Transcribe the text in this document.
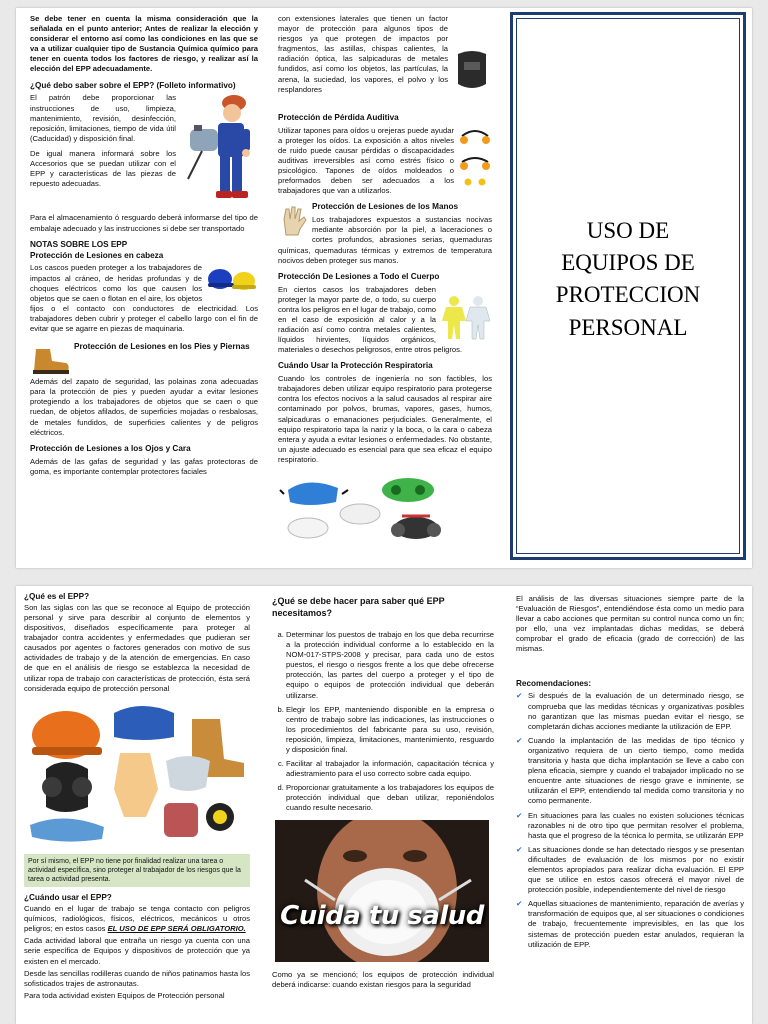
Se debe tener en cuenta la misma consideración que la señalada en el punto anterior; Antes de realizar la elección y considerar el entorno así como las condiciones en las que se va a utilizar cualquier tipo de Sustancia Química químico para tener en cuenta todos los factores de riesgo, y realizar así la elección del EPP adecuadamente.

¿Qué debo saber sobre el EPP? (Folleto informativo)

El patrón debe proporcionar las instrucciones de uso, limpieza, mantenimiento, revisión, desinfección, reposición, limitaciones, tiempo de vida útil (Caducidad) y disposición final.

De igual manera informará sobre los Accesorios que se puedan utilizar con el EPP y características de las piezas de repuesto adecuadas.

Para el almacenamiento ó resguardo deberá informarse del tipo de embalaje adecuado y las instrucciones si debe ser transportado

NOTAS SOBRE LOS EPP
Protección de Lesiones en cabeza

Los cascos pueden proteger a los trabajadores de impactos al cráneo, de heridas profundas y de choques eléctricos como los que causen los objetos que se caen o flotan en el aire, los objetos fijos o el contacto con conductores de electricidad. Los trabajadores deben cubrir y proteger el cabello largo con el fin de evitar que se agarre en piezas de maquinaria.

Protección de Lesiones en los Pies y Piernas

Además del zapato de seguridad, las polainas zona adecuadas para la protección de pies y pueden ayudar a evitar lesiones protegiendo a los trabajadores de objetos que se caen o que ruedan, de objetos afilados, de superficies mojadas o resbalosas, de metales fundidos, de superficies calientes y de peligros eléctricos.

Protección de Lesiones a los Ojos y Cara

Además de las gafas de seguridad y las gafas protectoras de goma, es importante contemplar protectores faciales

con extensiones laterales que tienen un factor mayor de protección para algunos tipos de riesgos ya que protegen de impactos por fragmentos, las astillas, chispas calientes, la radiación óptica, las salpicaduras de metales fundidos, así como los objetos, las partículas, la arena, la suciedad, los vapores, el polvo y los resplandores

Protección de Pérdida Auditiva

Utilizar tapones para oídos u orejeras puede ayudar a proteger los oídos. La exposición a altos niveles de ruido puede causar pérdidas o discapacidades auditivas irreversibles así como estrés físico o psicológico. Tapones de oídos moldeados o preformados deben ser adecuados a los trabajadores que van a utilizarlos.

Protección de Lesiones de los Manos

Los trabajadores expuestos a sustancias nocivas mediante absorción por la piel, a laceraciones o cortes profundos, abrasiones serias, quemaduras químicas, quemaduras térmicas y extremos de temperatura nocivos deben proteger sus manos.

Protección De Lesiones a Todo el Cuerpo

En ciertos casos los trabajadores deben proteger la mayor parte de, o todo, su cuerpo contra los peligros en el lugar de trabajo, como en el caso de exposición al calor y a la radiación así como contra metales calientes, líquidos hirvientes, líquidos orgánicos, materiales o desechos peligrosos, entre otros peligros.

Cuándo Usar la Protección Respiratoria

Cuando los controles de ingeniería no son factibles, los trabajadores deben utilizar equipo respiratorio para protegerse contra los efectos nocivos a la salud causados al respirar aire contaminado por polvos, brumas, vapores, gases, humos, salpicaduras o emanaciones perjudiciales. Generalmente, el equipo respiratorio tapa la nariz y la boca, o la cara o cabeza entera y ayuda a evitar lesiones o enfermedades. No obstante, un ajuste adecuado es esencial para que sea eficaz el equipo respiratorio.

USO DE
EQUIPOS DE
PROTECCION
PERSONAL
¿Qué es el EPP?

Son las siglas con las que se reconoce al Equipo de protección personal y sirve para describir al conjunto de elementos y dispositivos, diseñados específicamente para proteger al trabajador contra accidentes y enfermedades que pudieran ser causados por agentes o factores generados con motivo de sus actividades de trabajo y de la atención de emergencias. En caso de que en el análisis de riesgo se establezca la necesidad de utilizar ropa de trabajo con características de protección, ésta será considerada equipo de protección personal

Por sí mismo, el EPP no tiene por finalidad realizar una tarea o actividad específica, sino proteger al trabajador de los riesgos que la tarea o actividad presenta.
¿Cuándo usar el EPP?

Cuando en el lugar de trabajo se tenga contacto con peligros químicos, radiológicos, físicos, eléctricos, mecánicos u otros peligros; en estos casos EL USO DE EPP SERÁ OBLIGATORIO.

Cada actividad laboral que entraña un riesgo ya cuenta con una serie específica de Equipos y dispositivos de protección que ya existen en el mercado.

Desde las sencillas rodilleras cuando de niños patinamos hasta los sofisticados trajes de astronautas.

Para toda actividad existen Equipos de Protección personal

¿Qué se debe hacer para saber qué EPP necesitamos?
a. Determinar los puestos de trabajo en los que deba recurrirse a la protección individual conforme a lo establecido en la NOM-017-STPS-2008 y precisar, para cada uno de estos puestos, el riesgo o riesgos frente a los que debe ofrecerse protección, las partes del cuerpo a proteger y el tipo de equipo o equipos de protección individual que deberán utilizarse.
b. Elegir los EPP, manteniendo disponible en la empresa o centro de trabajo sobre las indicaciones, las instrucciones o los procedimientos del fabricante para su uso, revisión, reposición, limpieza, limitaciones, mantenimiento, resguardo y disposición final.
c. Facilitar al trabajador la información, capacitación técnica y adiestramiento para el uso correcto sobre cada equipo.
d. Proporcionar gratuitamente a los trabajadores los equipos de protección individual que deban utilizar, reponiéndolos cuando resulte necesario.
Cuida tu salud

Como ya se mencionó; los equipos de protección individual deberá indicarse: cuando existan riesgos para la seguridad

El análisis de las diversas situaciones siempre parte de la “Evaluación de Riesgos”, entendiéndose ésta como un medio para llevar a cabo acciones que permitan su control nunca como un fin; por ello, una vez implantadas dichas medidas, se deberá comprobar el grado de eficacia (grado de corrección) de las mismas.

Recomendaciones:
✔ Si después de la evaluación de un determinado riesgo, se comprueba que las medidas técnicas y organizativas posibles no garantizan que las mismas puedan evitar el riesgo, se completarán dichas acciones mediante la utilización de EPP.
✔ Cuando la implantación de las medidas de tipo técnico y organizativo requiera de un cierto tiempo, como medida transitoria y hasta que dicha implantación se lleve a cabo con plena eficacia, siempre y cuando el trabajador implicado no se encuentre ante situaciones de riesgo grave e inminente, se utilizarán el EPP, entendiendo tal medida como transitoria y no como permanente.
✔ En situaciones para las cuales no existen soluciones técnicas razonables ni de otro tipo que permitan resolver el problema, hasta que el progreso de la técnica lo permita, se utilizarán EPP
✔ Las situaciones donde se han detectado riesgos y se presentan dificultades de evaluación de los mismos por no existir elementos apropiados para realizar dicha evaluación. El EPP que se utilice en estos casos ofrecerá el mayor nivel de protección posible, independientemente del nivel de riesgo
✔ Aquellas situaciones de mantenimiento, reparación de averías y transformación de equipos que, al ser situaciones o condiciones de trabajo, frecuentemente imprevisibles, en las que los sistemas de protección pueden estar anulados, requieran la utilización de EPP.
